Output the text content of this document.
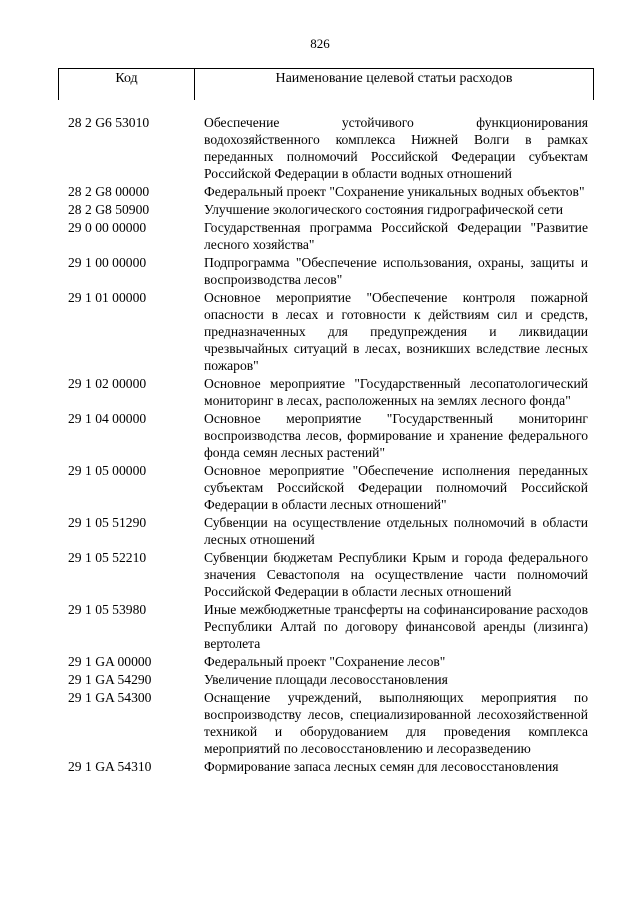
826
Код	Наименование целевой статьи расходов
28 2 G6 53010	Обеспечение устойчивого функционирования водохозяйственного комплекса Нижней Волги в рамках переданных полномочий Российской Федерации субъектам Российской Федерации в области водных отношений
28 2 G8 00000	Федеральный проект "Сохранение уникальных водных объектов"
28 2 G8 50900	Улучшение экологического состояния гидрографической сети
29 0 00 00000	Государственная программа Российской Федерации "Развитие лесного хозяйства"
29 1 00 00000	Подпрограмма "Обеспечение использования, охраны, защиты и воспроизводства лесов"
29 1 01 00000	Основное мероприятие "Обеспечение контроля пожарной опасности в лесах и готовности к действиям сил и средств, предназначенных для предупреждения и ликвидации чрезвычайных ситуаций в лесах, возникших вследствие лесных пожаров"
29 1 02 00000	Основное мероприятие "Государственный лесопатологический мониторинг в лесах, расположенных на землях лесного фонда"
29 1 04 00000	Основное мероприятие "Государственный мониторинг воспроизводства лесов, формирование и хранение федерального фонда семян лесных растений"
29 1 05 00000	Основное мероприятие "Обеспечение исполнения переданных субъектам Российской Федерации полномочий Российской Федерации в области лесных отношений"
29 1 05 51290	Субвенции на осуществление отдельных полномочий в области лесных отношений
29 1 05 52210	Субвенции бюджетам Республики Крым и города федерального значения Севастополя на осуществление части полномочий Российской Федерации в области лесных отношений
29 1 05 53980	Иные межбюджетные трансферты на софинансирование расходов Республики Алтай по договору финансовой аренды (лизинга) вертолета
29 1 GA 00000	Федеральный проект "Сохранение лесов"
29 1 GA 54290	Увеличение площади лесовосстановления
29 1 GA 54300	Оснащение учреждений, выполняющих мероприятия по воспроизводству лесов, специализированной лесохозяйственной техникой и оборудованием для проведения комплекса мероприятий по лесовосстановлению и лесоразведению
29 1 GA 54310	Формирование запаса лесных семян для лесовосстановления
